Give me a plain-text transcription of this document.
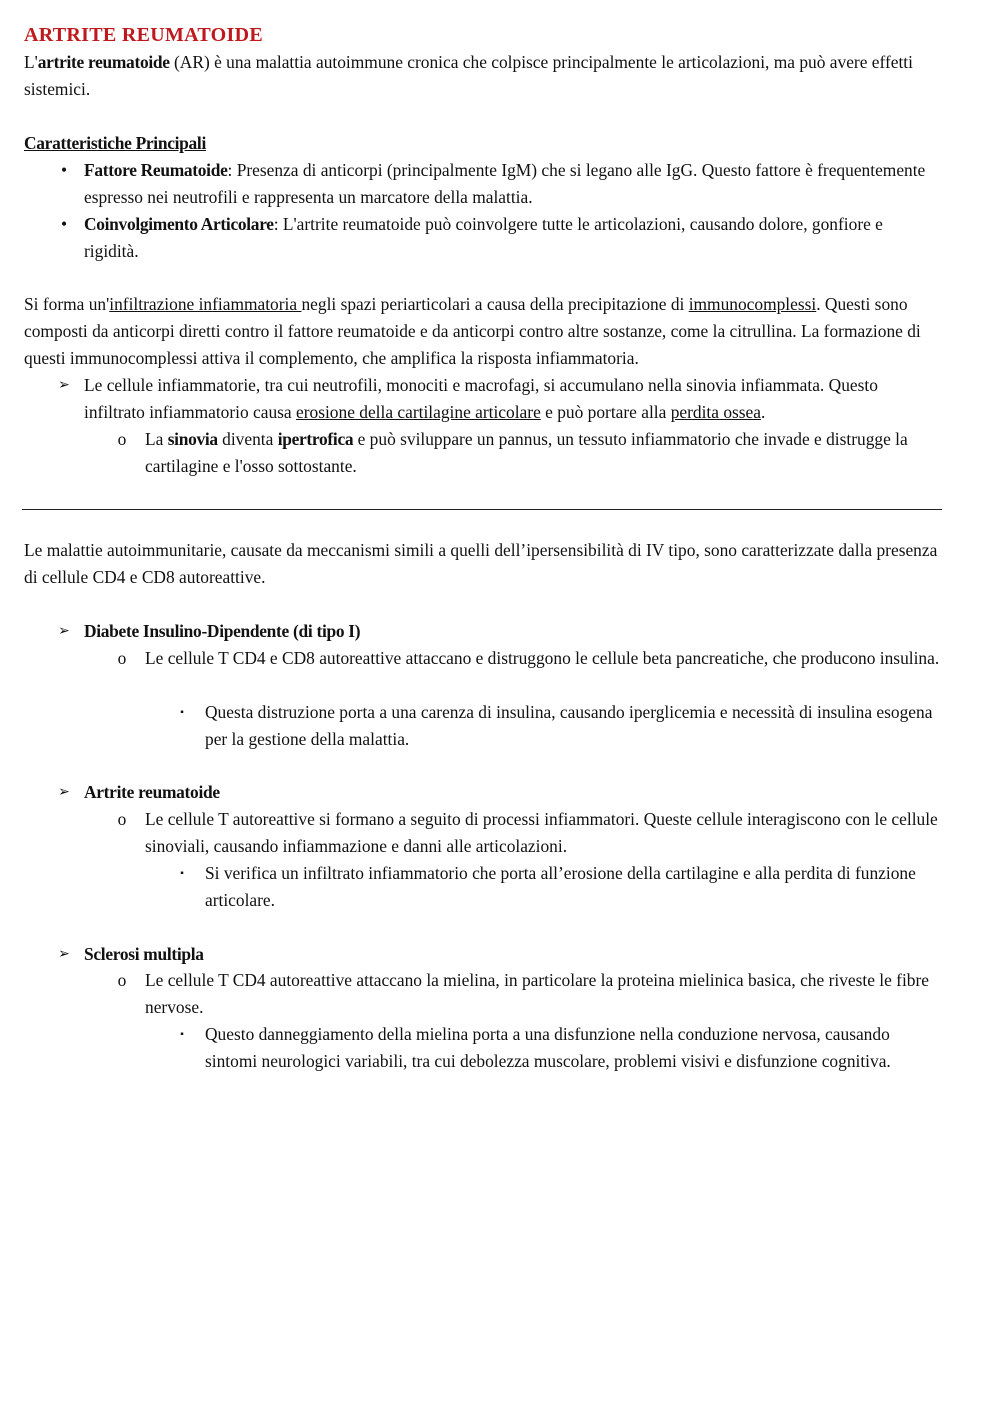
ARTRITE REUMATOIDE

L'artrite reumatoide (AR) è una malattia autoimmune cronica che colpisce principalmente le articolazioni, ma può avere effetti sistemici.

Caratteristiche Principali

• Fattore Reumatoide: Presenza di anticorpi (principalmente IgM) che si legano alle IgG. Questo fattore è frequentemente espresso nei neutrofili e rappresenta un marcatore della malattia.
• Coinvolgimento Articolare: L'artrite reumatoide può coinvolgere tutte le articolazioni, causando dolore, gonfiore e rigidità.

Si forma un'infiltrazione infiammatoria negli spazi periarticolari a causa della precipitazione di immunocomplessi. Questi sono composti da anticorpi diretti contro il fattore reumatoide e da anticorpi contro altre sostanze, come la citrullina. La formazione di questi immunocomplessi attiva il complemento, che amplifica la risposta infiammatoria.

➢ Le cellule infiammatorie, tra cui neutrofili, monociti e macrofagi, si accumulano nella sinovia infiammata. Questo infiltrato infiammatorio causa erosione della cartilagine articolare e può portare alla perdita ossea.
o	La sinovia diventa ipertrofica e può sviluppare un pannus, un tessuto infiammatorio che invade e distrugge la cartilagine e l'osso sottostante.

Le malattie autoimmunitarie, causate da meccanismi simili a quelli dell’ipersensibilità di IV tipo, sono caratterizzate dalla presenza di cellule CD4 e CD8 autoreattive.

➢ Diabete Insulino-Dipendente (di tipo I)
o	Le cellule T CD4 e CD8 autoreattive attaccano e distruggono le cellule beta pancreatiche, che producono insulina.
▪	Questa distruzione porta a una carenza di insulina, causando iperglicemia e necessità di insulina esogena per la gestione della malattia.
➢ Artrite reumatoide
o	Le cellule T autoreattive si formano a seguito di processi infiammatori. Queste cellule interagiscono con le cellule sinoviali, causando infiammazione e danni alle articolazioni.
▪	Si verifica un infiltrato infiammatorio che porta all’erosione della cartilagine e alla perdita di funzione articolare.
➢ Sclerosi multipla
o	Le cellule T CD4 autoreattive attaccano la mielina, in particolare la proteina mielinica basica, che riveste le fibre nervose.
▪	Questo danneggiamento della mielina porta a una disfunzione nella conduzione nervosa, causando sintomi neurologici variabili, tra cui debolezza muscolare, problemi visivi e disfunzione cognitiva.
